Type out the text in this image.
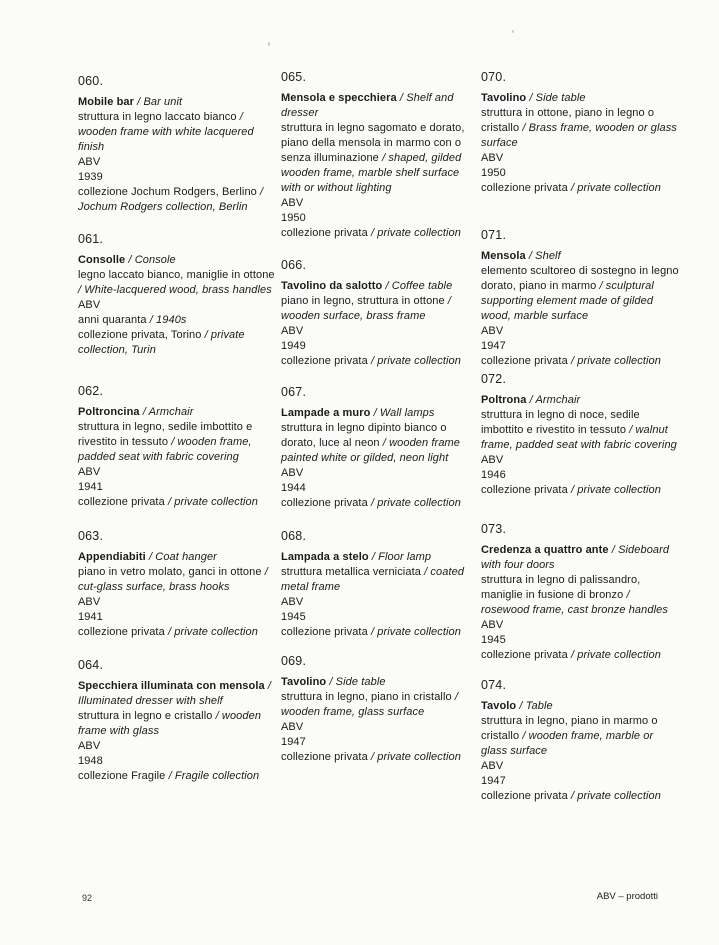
060.

Mobile bar / Bar unit

struttura in legno laccato bianco / wooden frame with white lacquered finish

ABV

1939

collezione Jochum Rodgers, Berlino / Jochum Rodgers collection, Berlin

061.

Consolle / Console

legno laccato bianco, maniglie in ottone / White-lacquered wood, brass handles

ABV

anni quaranta / 1940s

collezione privata, Torino / private collection, Turin

062.

Poltroncina / Armchair

struttura in legno, sedile imbottito e rivestito in tessuto / wooden frame, padded seat with fabric covering

ABV

1941

collezione privata / private collection

063.

Appendiabiti / Coat hanger

piano in vetro molato, ganci in ottone / cut-glass surface, brass hooks

ABV

1941

collezione privata / private collection

064.

Specchiera illuminata con mensola / Illuminated dresser with shelf

struttura in legno e cristallo / wooden frame with glass

ABV

1948

collezione Fragile / Fragile collection

065.

Mensola e specchiera / Shelf and dresser

struttura in legno sagomato e dorato, piano della mensola in marmo con o senza illuminazione / shaped, gilded wooden frame, marble shelf surface with or without lighting

ABV

1950

collezione privata / private collection

066.

Tavolino da salotto / Coffee table

piano in legno, struttura in ottone / wooden surface, brass frame

ABV

1949

collezione privata / private collection

067.

Lampade a muro / Wall lamps

struttura in legno dipinto bianco o dorato, luce al neon / wooden frame painted white or gilded, neon light

ABV

1944

collezione privata / private collection

068.

Lampada a stelo / Floor lamp

struttura metallica verniciata / coated metal frame

ABV

1945

collezione privata / private collection

069.

Tavolino / Side table

struttura in legno, piano in cristallo / wooden frame, glass surface

ABV

1947

collezione privata / private collection

070.

Tavolino / Side table

struttura in ottone, piano in legno o cristallo / Brass frame, wooden or glass surface

ABV

1950

collezione privata / private collection

071.

Mensola / Shelf

elemento scultoreo di sostegno in legno dorato, piano in marmo / sculptural supporting element made of gilded wood, marble surface

ABV

1947

collezione privata / private collection

072.

Poltrona / Armchair

struttura in legno di noce, sedile imbottito e rivestito in tessuto / walnut frame, padded seat with fabric covering

ABV

1946

collezione privata / private collection

073.

Credenza a quattro ante / Sideboard with four doors

struttura in legno di palissandro, maniglie in fusione di bronzo / rosewood frame, cast bronze handles

ABV

1945

collezione privata / private collection

074.

Tavolo / Table

struttura in legno, piano in marmo o cristallo / wooden frame, marble or glass surface

ABV

1947

collezione privata / private collection

92	ABV – prodotti
